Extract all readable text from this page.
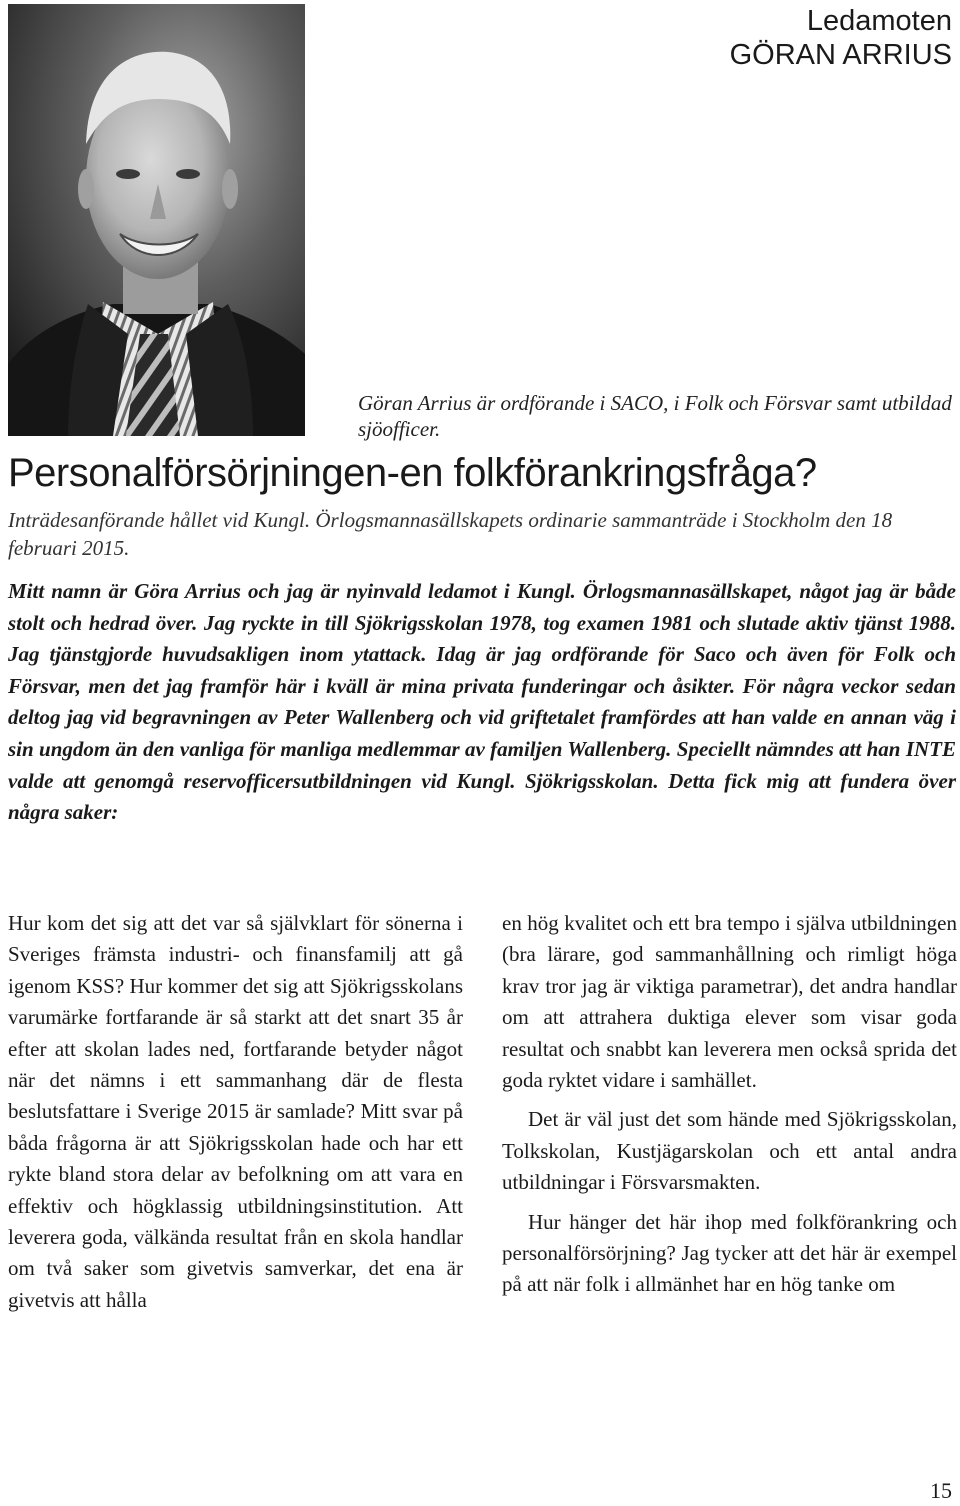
Ledamoten
GÖRAN ARRIUS
Göran Arrius är ordförande i SACO, i Folk och Försvar samt utbildad sjöofficer.
Personalförsörjningen-en folkförankringsfråga?
Inträdesanförande hållet vid Kungl. Örlogsmannasällskapets ordinarie sammanträde i Stockholm den 18 februari 2015.

Mitt namn är Göra Arrius och jag är nyinvald ledamot i Kungl. Örlogsmannasällskapet, något jag är både stolt och hedrad över. Jag ryckte in till Sjökrigsskolan 1978, tog examen 1981 och slutade aktiv tjänst 1988. Jag tjänstgjorde huvudsakligen inom ytattack. Idag är jag ordförande för Saco och även för Folk och Försvar, men det jag framför här i kväll är mina privata funderingar och åsikter. För några veckor sedan deltog jag vid begravningen av Peter Wallenberg och vid griftetalet framfördes att han valde en annan väg i sin ungdom än den vanliga för manliga medlemmar av familjen Wallenberg. Speciellt nämndes att han INTE valde att genomgå reservofficersutbildningen vid Kungl. Sjökrigsskolan. Detta fick mig att fundera över några saker:

Hur kom det sig att det var så självklart för sönerna i Sveriges främsta industri- och finansfamilj att gå igenom KSS? Hur kommer det sig att Sjökrigsskolans varumärke fortfarande är så starkt att det snart 35 år efter att skolan lades ned, fortfarande betyder något när det nämns i ett sammanhang där de flesta beslutsfattare i Sverige 2015 är samlade? Mitt svar på båda frågorna är att Sjökrigsskolan hade och har ett rykte bland stora delar av befolkning om att vara en effektiv och högklassig utbildningsinstitution. Att leverera goda, välkända resultat från en skola handlar om två saker som givetvis samverkar, det ena är givetvis att hålla

en hög kvalitet och ett bra tempo i själva utbildningen (bra lärare, god sammanhållning och rimligt höga krav tror jag är viktiga parametrar), det andra handlar om att attrahera duktiga elever som visar goda resultat och snabbt kan leverera men också sprida det goda ryktet vidare i samhället.

Det är väl just det som hände med Sjökrigsskolan, Tolkskolan, Kustjägarskolan och ett antal andra utbildningar i Försvarsmakten.

Hur hänger det här ihop med folkförankring och personalförsörjning? Jag tycker att det här är exempel på att när folk i allmänhet har en hög tanke om

15
